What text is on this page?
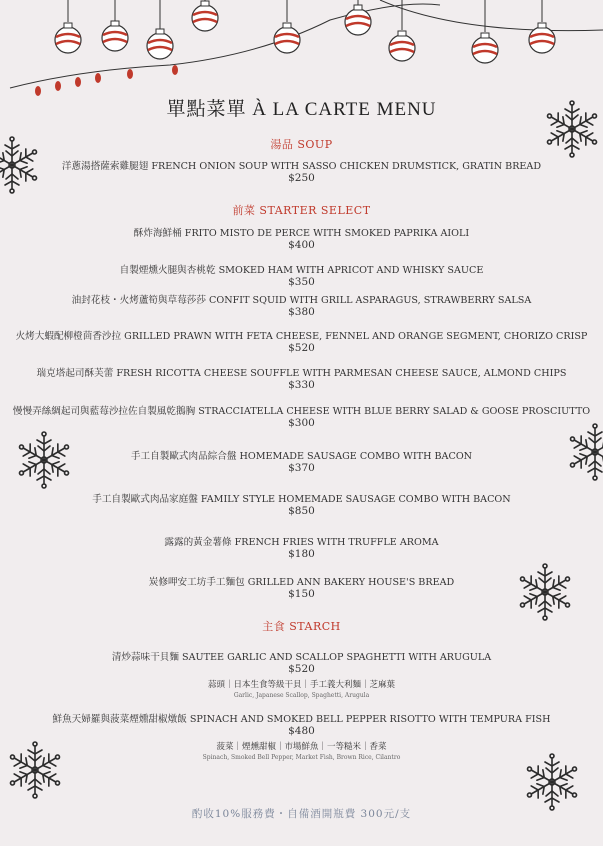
單點菜單 À LA CARTE MENU
湯品 SOUP
洋蔥湯搭薩索雞腿翅 FRENCH ONION SOUP WITH SASSO CHICKEN DRUMSTICK, GRATIN BREAD
$250
前菜 STARTER SELECT
酥炸海鮮桶 FRITO MISTO DE PERCE WITH SMOKED PAPRIKA AIOLI
$400
自製煙燻火腿與杏桃乾 SMOKED HAM WITH APRICOT AND WHISKY SAUCE
$350
油封花枝・火烤蘆筍與草莓莎莎 CONFIT SQUID WITH GRILL ASPARAGUS, STRAWBERRY SALSA
$380
火烤大蝦配柳橙茴香沙拉 GRILLED PRAWN WITH FETA CHEESE, FENNEL AND ORANGE SEGMENT, CHORIZO CRISP
$520
瑞克塔起司酥芙蕾 FRESH RICOTTA CHEESE SOUFFLE WITH PARMESAN CHEESE SAUCE, ALMOND CHIPS
$330
慢慢弄絲綢起司與藍莓沙拉佐自製風乾鵝胸 STRACCIATELLA CHEESE WITH BLUE BERRY SALAD & GOOSE PROSCIUTTO
$300
手工自製歐式肉品綜合盤 HOMEMADE SAUSAGE COMBO WITH BACON
$370
手工自製歐式肉品家庭盤 FAMILY STYLE HOMEMADE SAUSAGE COMBO WITH BACON
$850
露露的黃金薯條 FRENCH FRIES WITH TRUFFLE AROMA
$180
炭修呷安工坊手工麵包 GRILLED ANN BAKERY HOUSE'S BREAD
$150
主食 STARCH
清炒蒜味干貝麵 SAUTEE GARLIC AND SCALLOP SPAGHETTI WITH ARUGULA
$520
蒜頭｜日本生食等級干貝｜手工義大利麵｜芝麻葉
Garlic, Japanese Scallop, Spaghetti, Arugula
鮮魚天婦羅與菠菜煙燻甜椒燉飯 SPINACH AND SMOKED BELL PEPPER RISOTTO WITH TEMPURA FISH
$480
菠菜｜煙燻甜椒｜市場鮮魚｜一等糙米｜香菜
Spinach, Smoked Bell Pepper, Market Fish, Brown Rice, Cilantro
酌收10%服務費・自備酒開瓶費 300元/支
